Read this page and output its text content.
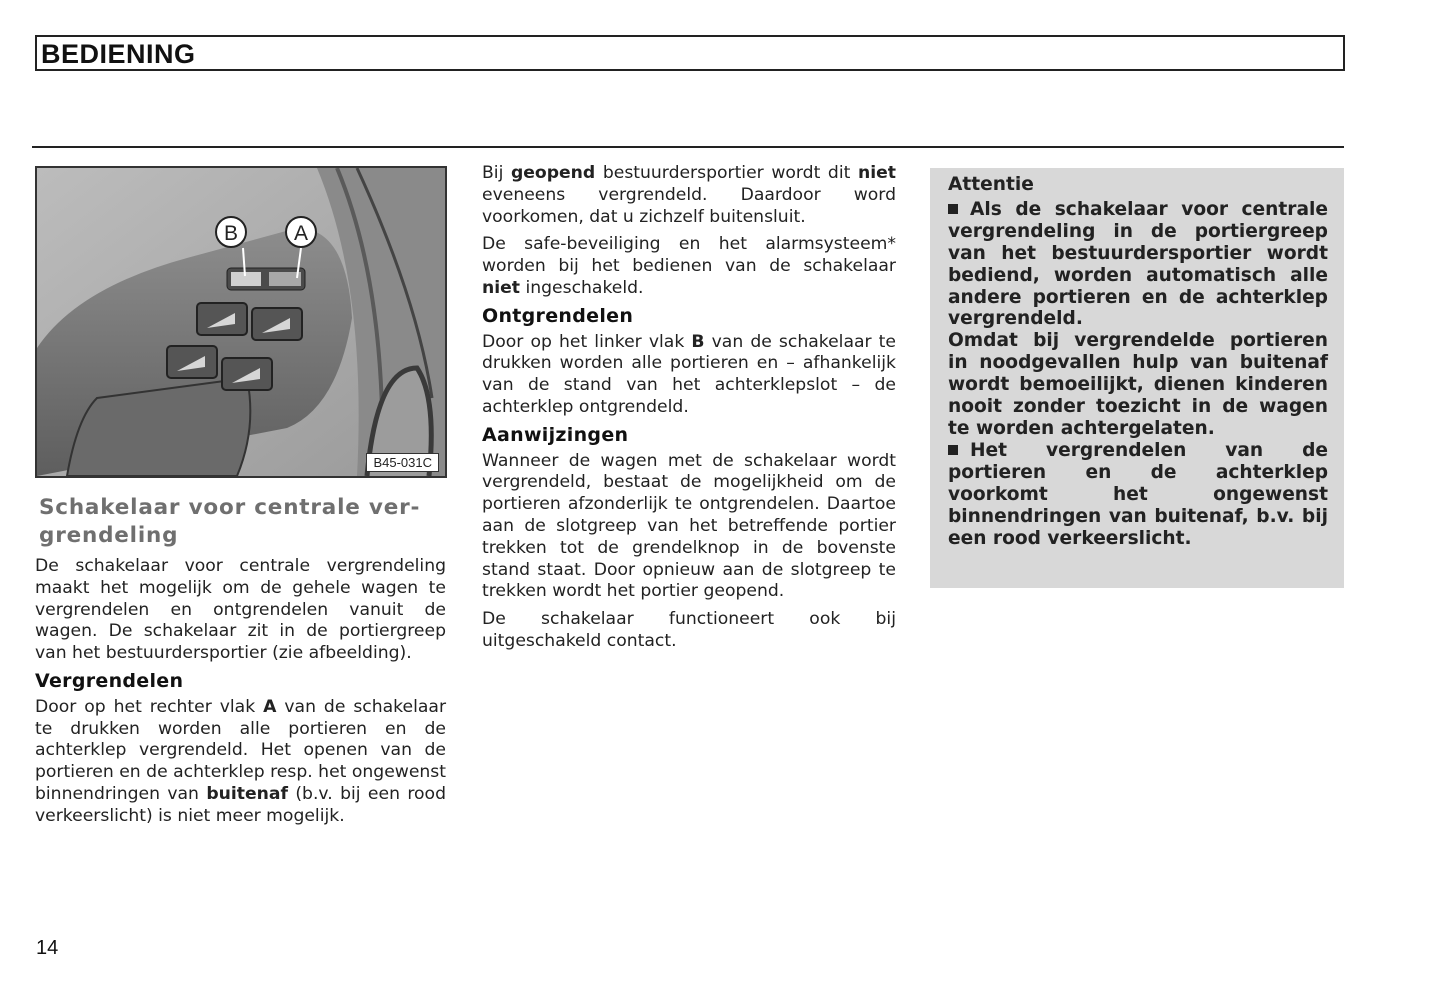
BEDIENING
B	A
B45-031C
Schakelaar voor centrale ver-
grendeling

De schakelaar voor centrale vergrendeling maakt het mogelijk om de gehele wagen te vergrendelen en ontgrendelen vanuit de wagen. De schakelaar zit in de portiergreep van het bestuurdersportier (zie afbeelding).

Vergrendelen

Door op het rechter vlak A van de schakelaar te drukken worden alle portieren en de achterklep vergrendeld. Het openen van de portieren en de achterklep resp. het ongewenst binnendringen van buitenaf (b.v. bij een rood verkeerslicht) is niet meer mogelijk.

Bij geopend bestuurdersportier wordt dit niet eveneens vergrendeld. Daardoor word voorkomen, dat u zichzelf buitensluit.

De safe-beveiliging en het alarmsysteem* worden bij het bedienen van de schakelaar niet ingeschakeld.

Ontgrendelen

Door op het linker vlak B van de schakelaar te drukken worden alle portieren en – afhankelijk van de stand van het achterklepslot – de achterklep ontgrendeld.

Aanwijzingen

Wanneer de wagen met de schakelaar wordt vergrendeld, bestaat de mogelijkheid om de portieren afzonderlijk te ontgrendelen. Daartoe aan de slotgreep van het betreffende portier trekken tot de grendelknop in de bovenste stand staat. Door opnieuw aan de slotgreep te trekken wordt het portier geopend.

De schakelaar functioneert ook bij uitgeschakeld contact.

Attentie

Als de schakelaar voor centrale vergrendeling in de portiergreep van het bestuurdersportier wordt bediend, worden automatisch alle andere portieren en de achterklep vergrendeld.

Omdat bij vergrendelde portieren in noodgevallen hulp van buitenaf wordt bemoeilijkt, dienen kinderen nooit zonder toezicht in de wagen te worden achtergelaten.

Het vergrendelen van de portieren en de achterklep voorkomt het ongewenst binnendringen van buitenaf, b.v. bij een rood verkeerslicht.

14
